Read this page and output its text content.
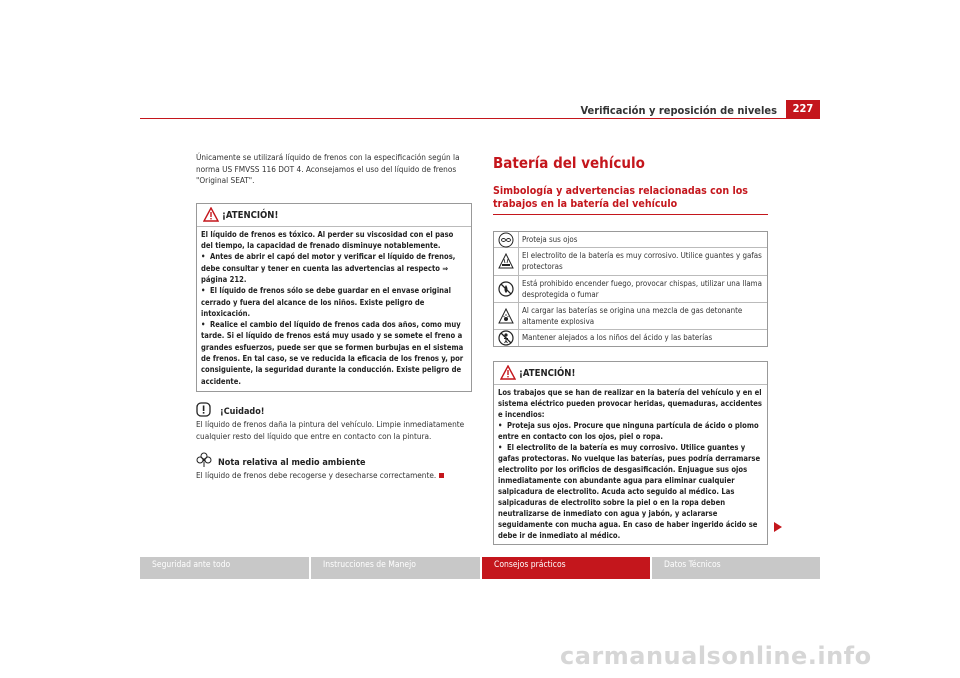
Verificación y reposición de niveles	227

Únicamente se utilizará líquido de frenos con la especificación según la norma US FMVSS 116 DOT 4. Aconsejamos el uso del líquido de frenos "Original SEAT".

¡ATENCIÓN!

El líquido de frenos es tóxico. Al perder su viscosidad con el paso del tiempo, la capacidad de frenado disminuye notablemente.

• Antes de abrir el capó del motor y verificar el líquido de frenos, debe consultar y tener en cuenta las advertencias al respecto ⇒ página 212.

• El líquido de frenos sólo se debe guardar en el envase original cerrado y fuera del alcance de los niños. Existe peligro de intoxicación.

• Realice el cambio del líquido de frenos cada dos años, como muy tarde. Si el líquido de frenos está muy usado y se somete el freno a grandes esfuerzos, puede ser que se formen burbujas en el sistema de frenos. En tal caso, se ve reducida la eficacia de los frenos y, por consiguiente, la seguridad durante la conducción. Existe peligro de accidente.

¡Cuidado!

El líquido de frenos daña la pintura del vehículo. Limpie inmediatamente cualquier resto del líquido que entre en contacto con la pintura.

Nota relativa al medio ambiente

El líquido de frenos debe recogerse y desecharse correctamente.

Batería del vehículo
Simbología y advertencias relacionadas con los trabajos en la batería del vehículo
Proteja sus ojos
El electrolito de la batería es muy corrosivo. Utilice guantes y gafas protectoras
Está prohibido encender fuego, provocar chispas, utilizar una llama desprotegida o fumar
Al cargar las baterías se origina una mezcla de gas detonante altamente explosiva
Mantener alejados a los niños del ácido y las baterías
¡ATENCIÓN!

Los trabajos que se han de realizar en la batería del vehículo y en el sistema eléctrico pueden provocar heridas, quemaduras, accidentes e incendios:

• Proteja sus ojos. Procure que ninguna partícula de ácido o plomo entre en contacto con los ojos, piel o ropa.

• El electrolito de la batería es muy corrosivo. Utilice guantes y gafas protectoras. No vuelque las baterías, pues podría derramarse electrolito por los orificios de desgasificación. Enjuague sus ojos inmediatamente con abundante agua para eliminar cualquier salpicadura de electrolito. Acuda acto seguido al médico. Las salpicaduras de electrolito sobre la piel o en la ropa deben neutralizarse de inmediato con agua y jabón, y aclararse seguidamente con mucha agua. En caso de haber ingerido ácido se debe ir de inmediato al médico.

Seguridad ante todo	Instrucciones de Manejo	Consejos prácticos	Datos Técnicos
carmanualsonline.info
